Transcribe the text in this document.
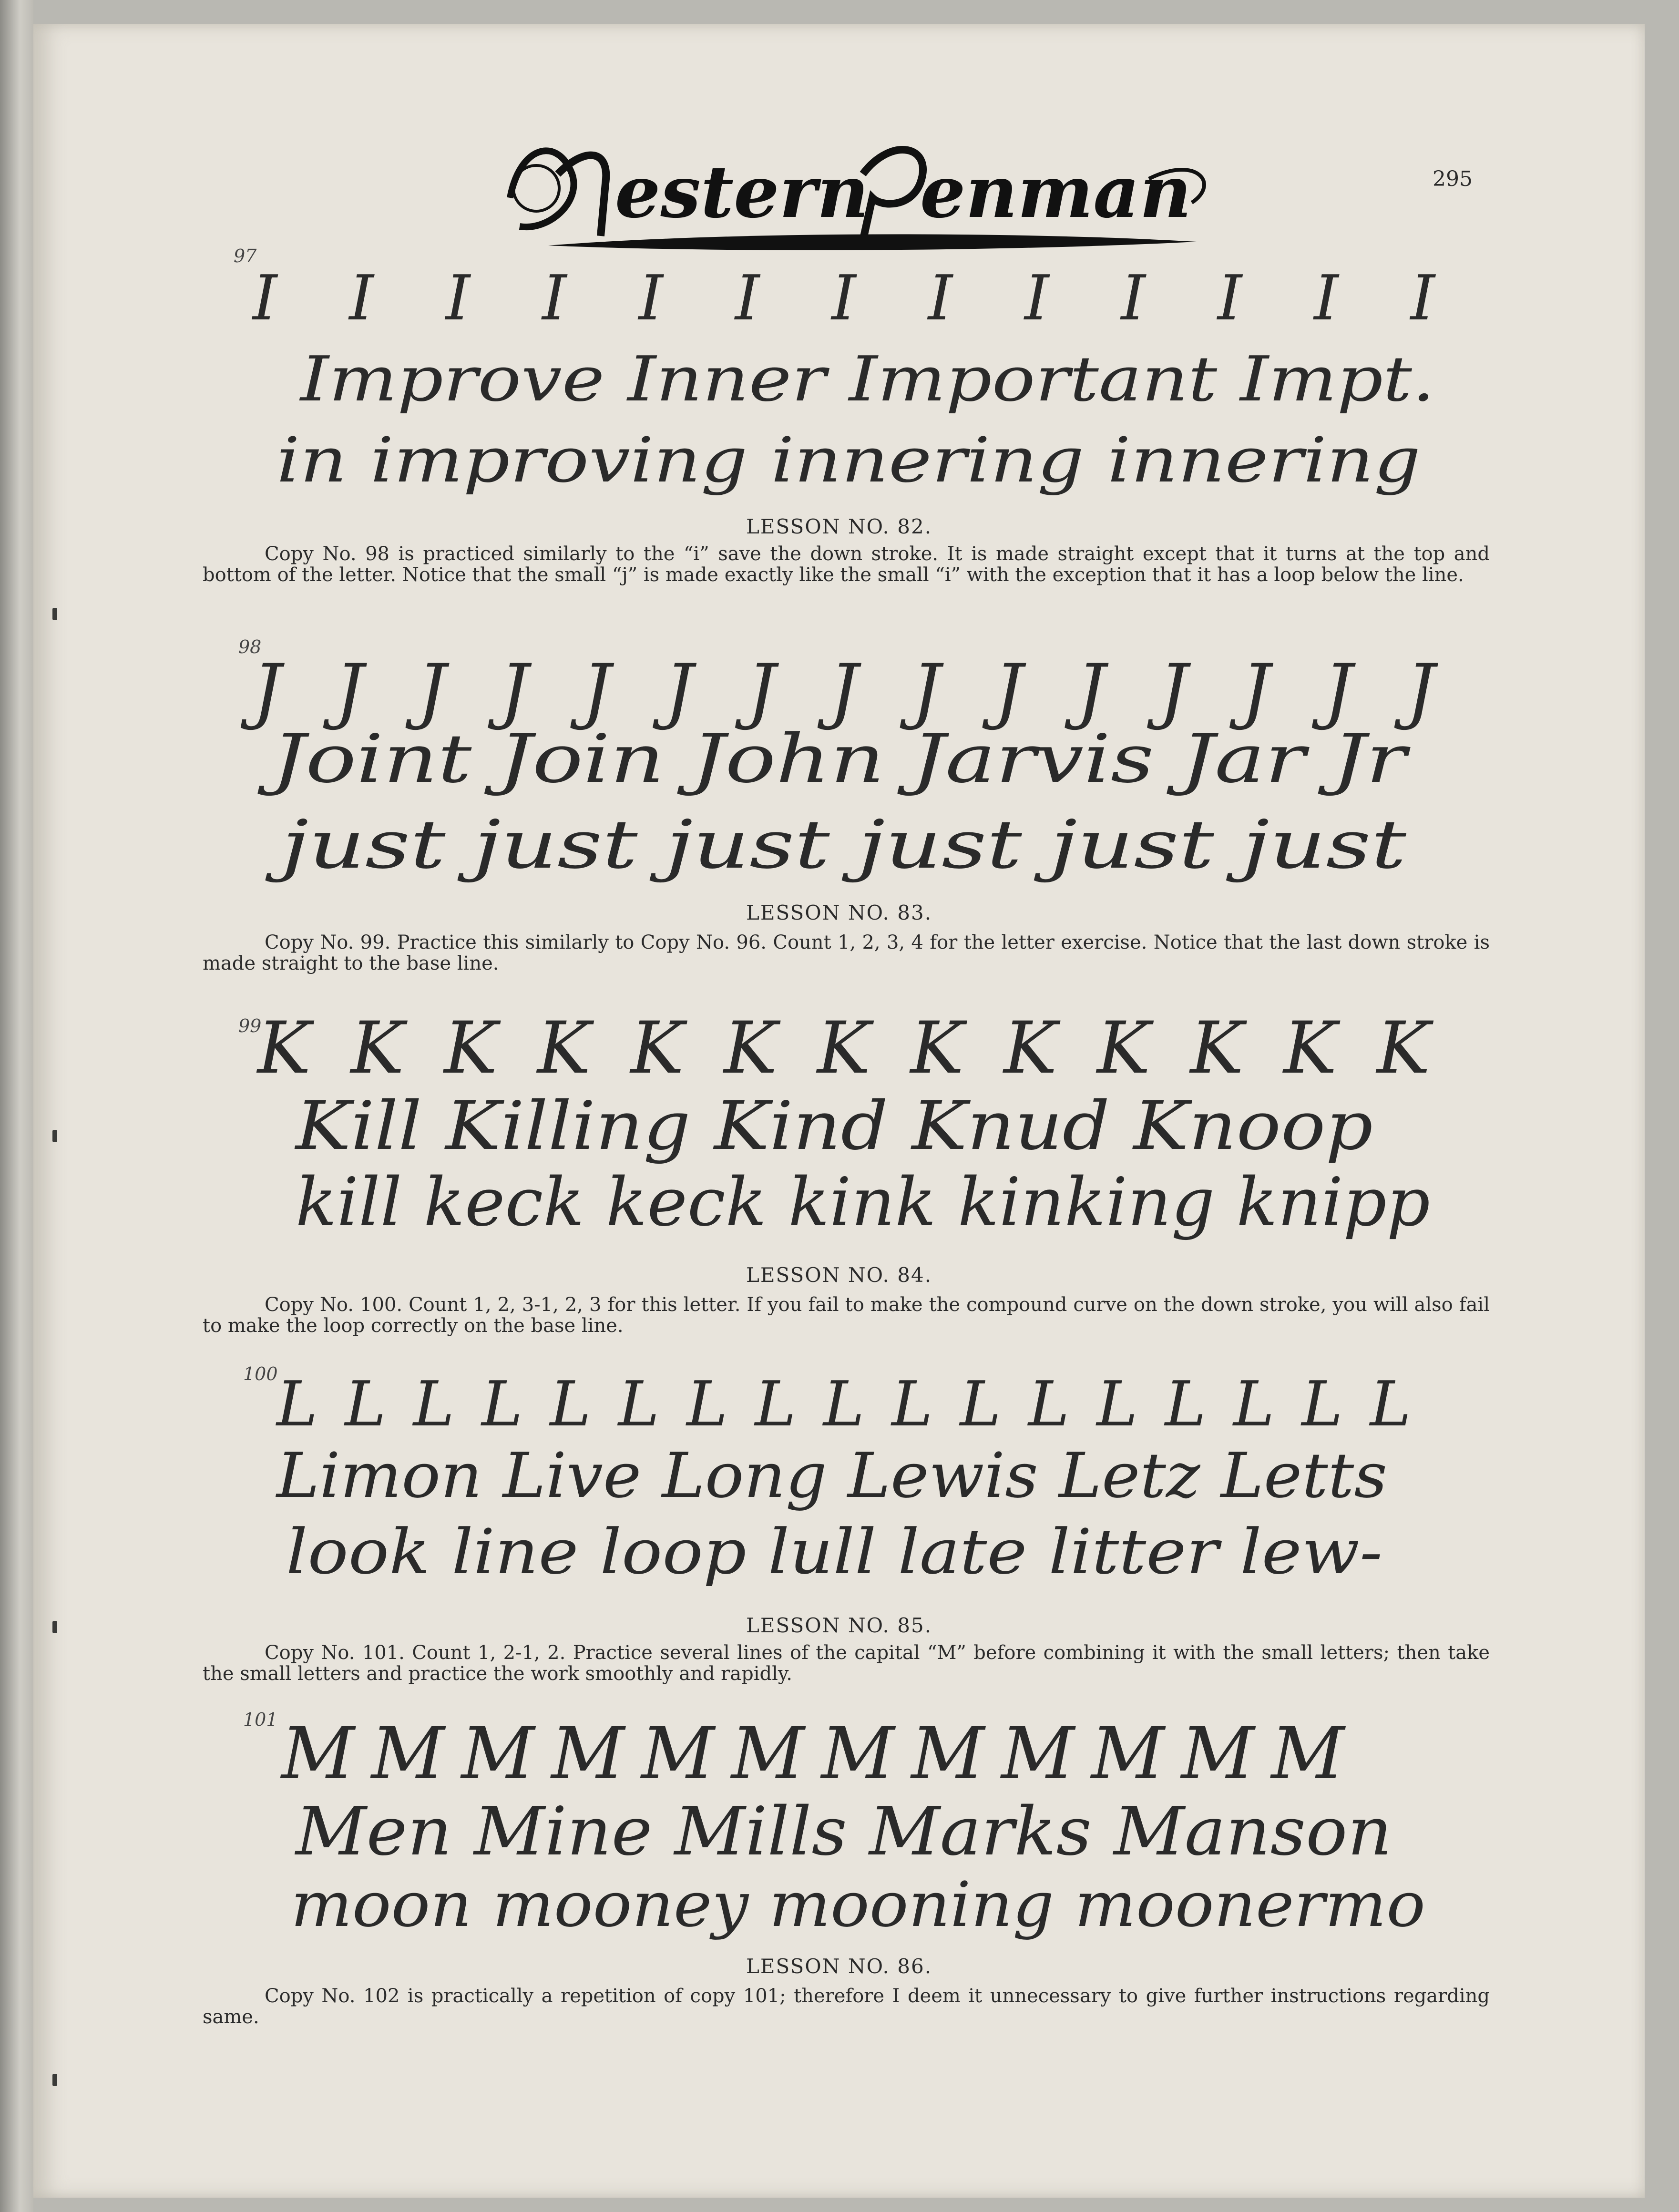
estern enman	295
97
I I I I I I I I I I I I I
Improve Inner Important Impt.
in improving innering innering
LESSON NO. 82.

Copy No. 98 is practiced similarly to the “i” save the down stroke. It is made straight except that it turns at the top and bottom of the letter. Notice that the small “j” is made exactly like the small “i” with the exception that it has a loop below the line.

98
J J J J J J J J J J J J J J J
Joint Join John Jarvis Jar Jr
just just just just just just
LESSON NO. 83.

Copy No. 99. Practice this similarly to Copy No. 96. Count 1, 2, 3, 4 for the letter exercise. Notice that the last down stroke is made straight to the base line.

99
K K K K K K K K K K K K K
Kill Killing Kind Knud Knoop
kill keck keck kink kinking knipp
LESSON NO. 84.

Copy No. 100. Count 1, 2, 3-1, 2, 3 for this letter. If you fail to make the compound curve on the down stroke, you will also fail to make the loop correctly on the base line.

100
L L L L L L L L L L L L L L L L L
Limon Live Long Lewis Letz Letts
look line loop lull late litter lew-
LESSON NO. 85.

Copy No. 101. Count 1, 2-1, 2. Practice several lines of the capital “M” before combining it with the small letters; then take the small letters and practice the work smoothly and rapidly.

101 M M M M M M M M M M M M
Men Mine Mills Marks Manson
moon mooney mooning moonermo
LESSON NO. 86.

Copy No. 102 is practically a repetition of copy 101; therefore I deem it unnecessary to give further instructions regarding same.
